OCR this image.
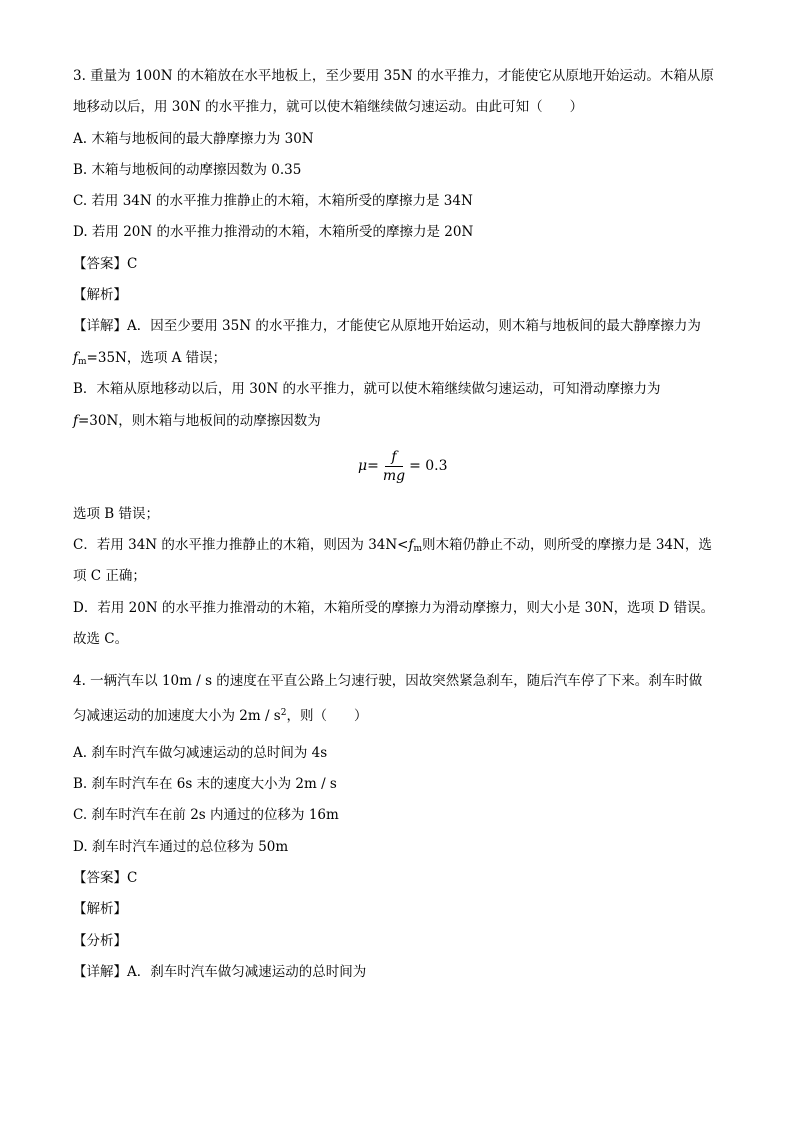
3. 重量为 100N 的木箱放在水平地板上，至少要用 35N 的水平推力，才能使它从原地开始运动。木箱从原
地移动以后，用 30N 的水平推力，就可以使木箱继续做匀速运动。由此可知（　　）
A. 木箱与地板间的最大静摩擦力为 30N
B. 木箱与地板间的动摩擦因数为 0.35
C. 若用 34N 的水平推力推静止的木箱，木箱所受的摩擦力是 34N
D. 若用 20N 的水平推力推滑动的木箱，木箱所受的摩擦力是 20N
【答案】C
【解析】
【详解】A．因至少要用 35N 的水平推力，才能使它从原地开始运动，则木箱与地板间的最大静摩擦力为
$f_m=35N$，选项 A 错误；
B．木箱从原地移动以后，用 30N 的水平推力，就可以使木箱继续做匀速运动，可知滑动摩擦力为
f=30N，则木箱与地板间的动摩擦因数为
$\mu = \frac{f}{mg} = 0.3$
选项 B 错误；
C．若用 34N 的水平推力推静止的木箱，则因为 $34N<f_m$则木箱仍静止不动，则所受的摩擦力是 34N，选
项 C 正确；
D．若用 20N 的水平推力推滑动的木箱，木箱所受的摩擦力为滑动摩擦力，则大小是 30N，选项 D 错误。
故选 C。
4. 一辆汽车以 10m / s 的速度在平直公路上匀速行驶，因故突然紧急刹车，随后汽车停了下来。刹车时做
匀减速运动的加速度大小为 $2m / s^2$，则（　　）
A. 刹车时汽车做匀减速运动的总时间为 4s
B. 刹车时汽车在 6s 末的速度大小为 2m / s
C. 刹车时汽车在前 2s 内通过的位移为 16m
D. 刹车时汽车通过的总位移为 50m
【答案】C
【解析】
【分析】
【详解】A．刹车时汽车做匀减速运动的总时间为
